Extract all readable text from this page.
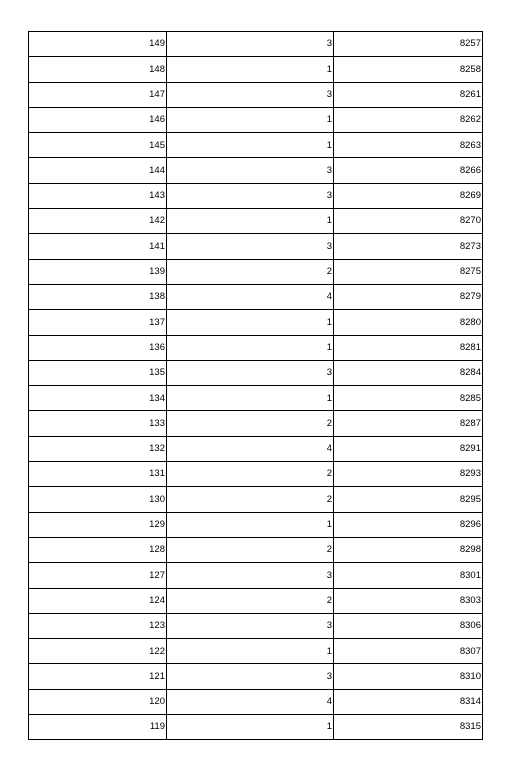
149	3	8257
148	1	8258
147	3	8261
146	1	8262
145	1	8263
144	3	8266
143	3	8269
142	1	8270
141	3	8273
139	2	8275
138	4	8279
137	1	8280
136	1	8281
135	3	8284
134	1	8285
133	2	8287
132	4	8291
131	2	8293
130	2	8295
129	1	8296
128	2	8298
127	3	8301
124	2	8303
123	3	8306
122	1	8307
121	3	8310
120	4	8314
119	1	8315
